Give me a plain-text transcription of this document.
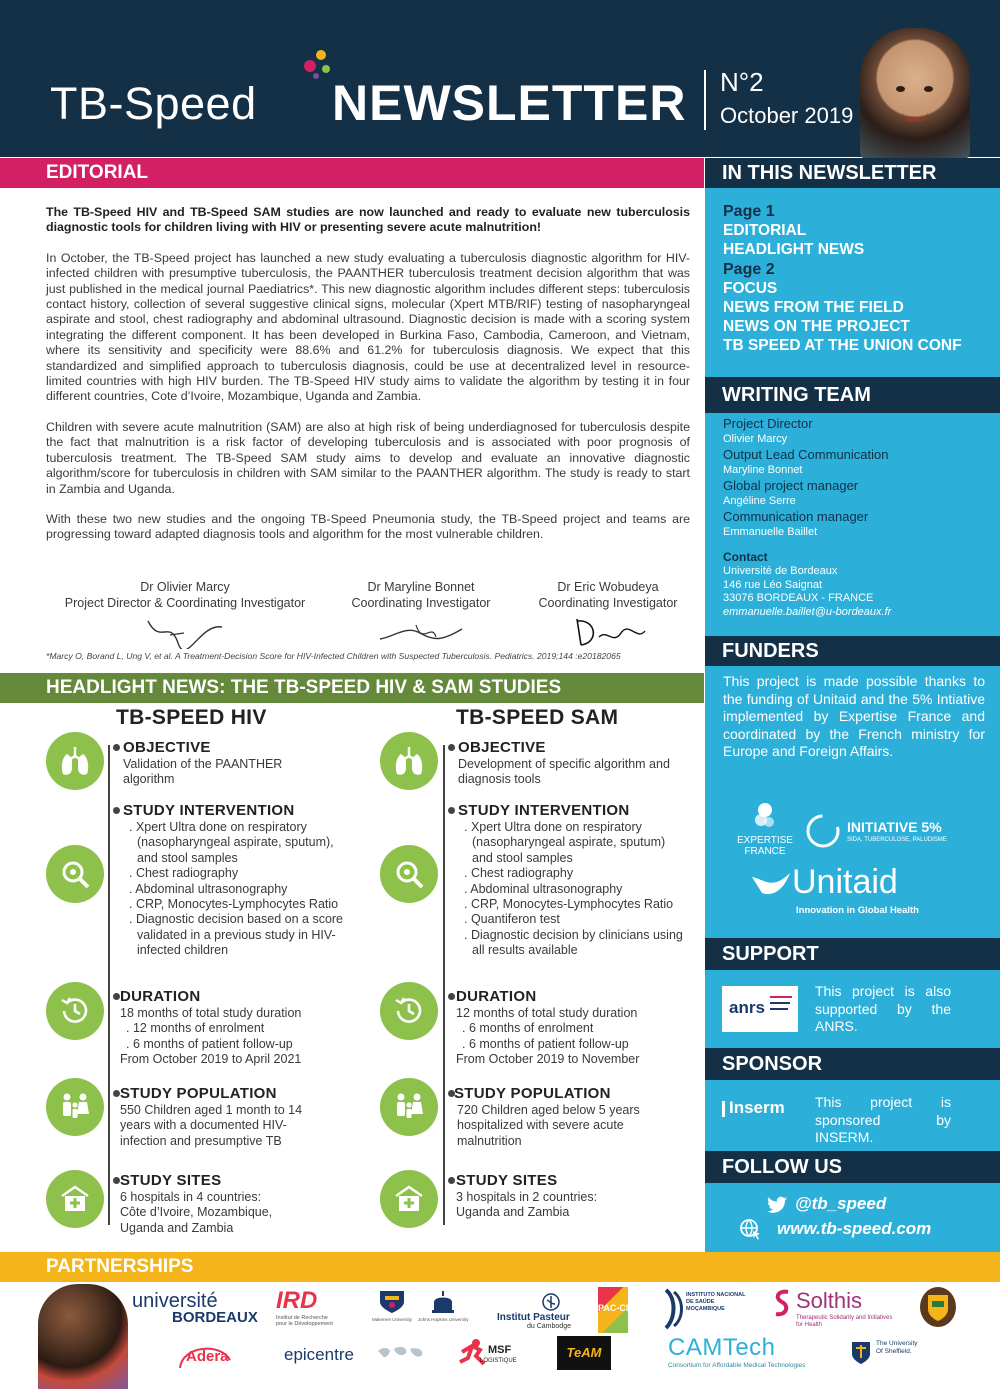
TB-Speed NEWSLETTER N°2
October 2019
EDITORIAL

The TB-Speed HIV and TB-Speed SAM studies are now launched and ready to evaluate new tuberculosis diagnostic tools for children living with HIV or presenting severe acute malnutrition!

In October, the TB-Speed project has launched a new study evaluating a tuberculosis diagnostic algorithm for HIV-infected children with presumptive tuberculosis, the PAANTHER tuberculosis treatment decision algorithm that was just published in the medical journal Paediatrics*. This new diagnostic algorithm includes different steps: tuberculosis contact history, collection of several suggestive clinical signs, molecular (Xpert MTB/RIF) testing of nasopharyngeal aspirate and stool, chest radiography and abdominal ultrasound. Diagnostic decision is made with a scoring system integrating the different component. It has been developed in Burkina Faso, Cambodia, Cameroon, and Vietnam, where its sensitivity and specificity were 88.6% and 61.2% for tuberculosis diagnosis. We expect that this standardized and simplified approach to tuberculosis diagnosis, could be use at decentralized level in resource-limited countries with high HIV burden. The TB-Speed HIV study aims to validate the algorithm by testing it in four different countries, Cote d’Ivoire, Mozambique, Uganda and Zambia.

Children with severe acute malnutrition (SAM) are also at high risk of being underdiagnosed for tuberculosis despite the fact that malnutrition is a risk factor of developing tuberculosis and is associated with poor prognosis of tuberculosis treatment. The TB-Speed SAM study aims to develop and evaluate an innovative diagnostic algorithm/score for tuberculosis in children with SAM similar to the PAANTHER algorithm. The study is ready to start in Zambia and Uganda.

With these two new studies and the ongoing TB-Speed Pneumonia study, the TB-Speed project and teams are progressing toward adapted diagnosis tools and algorithm for the most vulnerable children.

Dr Olivier Marcy
Project Director & Coordinating Investigator
Dr Maryline Bonnet
Coordinating Investigator
Dr Eric Wobudeya
Coordinating Investigator
*Marcy O, Borand L, Ung V, et al. A Treatment-Decision Score for HIV-Infected Children with Suspected Tuberculosis. Pediatrics. 2019;144 :e20182065
HEADLIGHT NEWS: THE TB-SPEED HIV & SAM STUDIES
TB-SPEED HIV	TB-SPEED SAM
OBJECTIVE
Validation of the PAANTHER algorithm
STUDY INTERVENTION
. Xpert Ultra done on respiratory (nasopharyngeal aspirate, sputum), and stool samples
. Chest radiography
. Abdominal ultrasonography
. CRP, Monocytes-Lymphocytes Ratio
. Diagnostic decision based on a score validated in a previous study in HIV-infected children
DURATION
18 months of total study duration
. 12 months of enrolment
. 6 months of patient follow-up
From October 2019 to April 2021
STUDY POPULATION
550 Children aged 1 month to 14 years with a documented HIV-infection and presumptive TB
STUDY SITES
6 hospitals in 4 countries:
Côte d’Ivoire, Mozambique,
Uganda and Zambia
OBJECTIVE
Development of specific algorithm and diagnosis tools
STUDY INTERVENTION
. Xpert Ultra done on respiratory (nasopharyngeal aspirate, sputum) and stool samples
. Chest radiography
. Abdominal ultrasonography
. CRP, Monocytes-Lymphocytes Ratio
. Quantiferon test
. Diagnostic decision by clinicians using all results available
DURATION
12 months of total study duration
. 6 months of enrolment
. 6 months of patient follow-up
From October 2019 to November
STUDY POPULATION
720 Children aged below 5 years hospitalized with severe acute malnutrition
STUDY SITES
3 hospitals in 2 countries:
Uganda and Zambia
IN THIS NEWSLETTER
Page 1
EDITORIAL
HEADLIGHT NEWS
Page 2
FOCUS
NEWS FROM THE FIELD
NEWS ON THE PROJECT
TB SPEED AT THE UNION CONF
WRITING TEAM
Project Director
Olivier Marcy
Output Lead Communication
Maryline Bonnet
Global project manager
Angéline Serre
Communication manager
Emmanuelle Baillet
Contact
Université de Bordeaux
146 rue Léo Saignat
33076 BORDEAUX - FRANCE
emmanuelle.baillet@u-bordeaux.fr
FUNDERS
This project is made possible thanks to the funding of Unitaid and the 5% Intiative implemented by Expertise France and coordinated by the French ministry for Europe and Foreign Affairs.
EXPERTISE FRANCE
INITIATIVE 5%
SIDA, TUBERCULOSE, PALUDISME
Unitaid
Innovation in Global Health
SUPPORT
anrs
This project is also supported by the ANRS.
SPONSOR
Inserm This project is sponsored by INSERM.
FOLLOW US
@tb_speed
www.tb-speed.com
PARTNERSHIPS
université
BORDEAUX
IRD
Institut de Recherche pour le Développement
Makerere University Johns Hopkins University	Institut Pasteur
du Cambodge
PAC-CI
INSTITUTO NACIONAL DE SAÚDE MOÇAMBIQUE	Solthis
Therapeutic Solidarity and Initiatives for Health
Adera	epicentre	MSF
LOGISTIQUE
TeAM	CAMTech
Consortium for Affordable Medical Technologies
The University Of Sheffield.
